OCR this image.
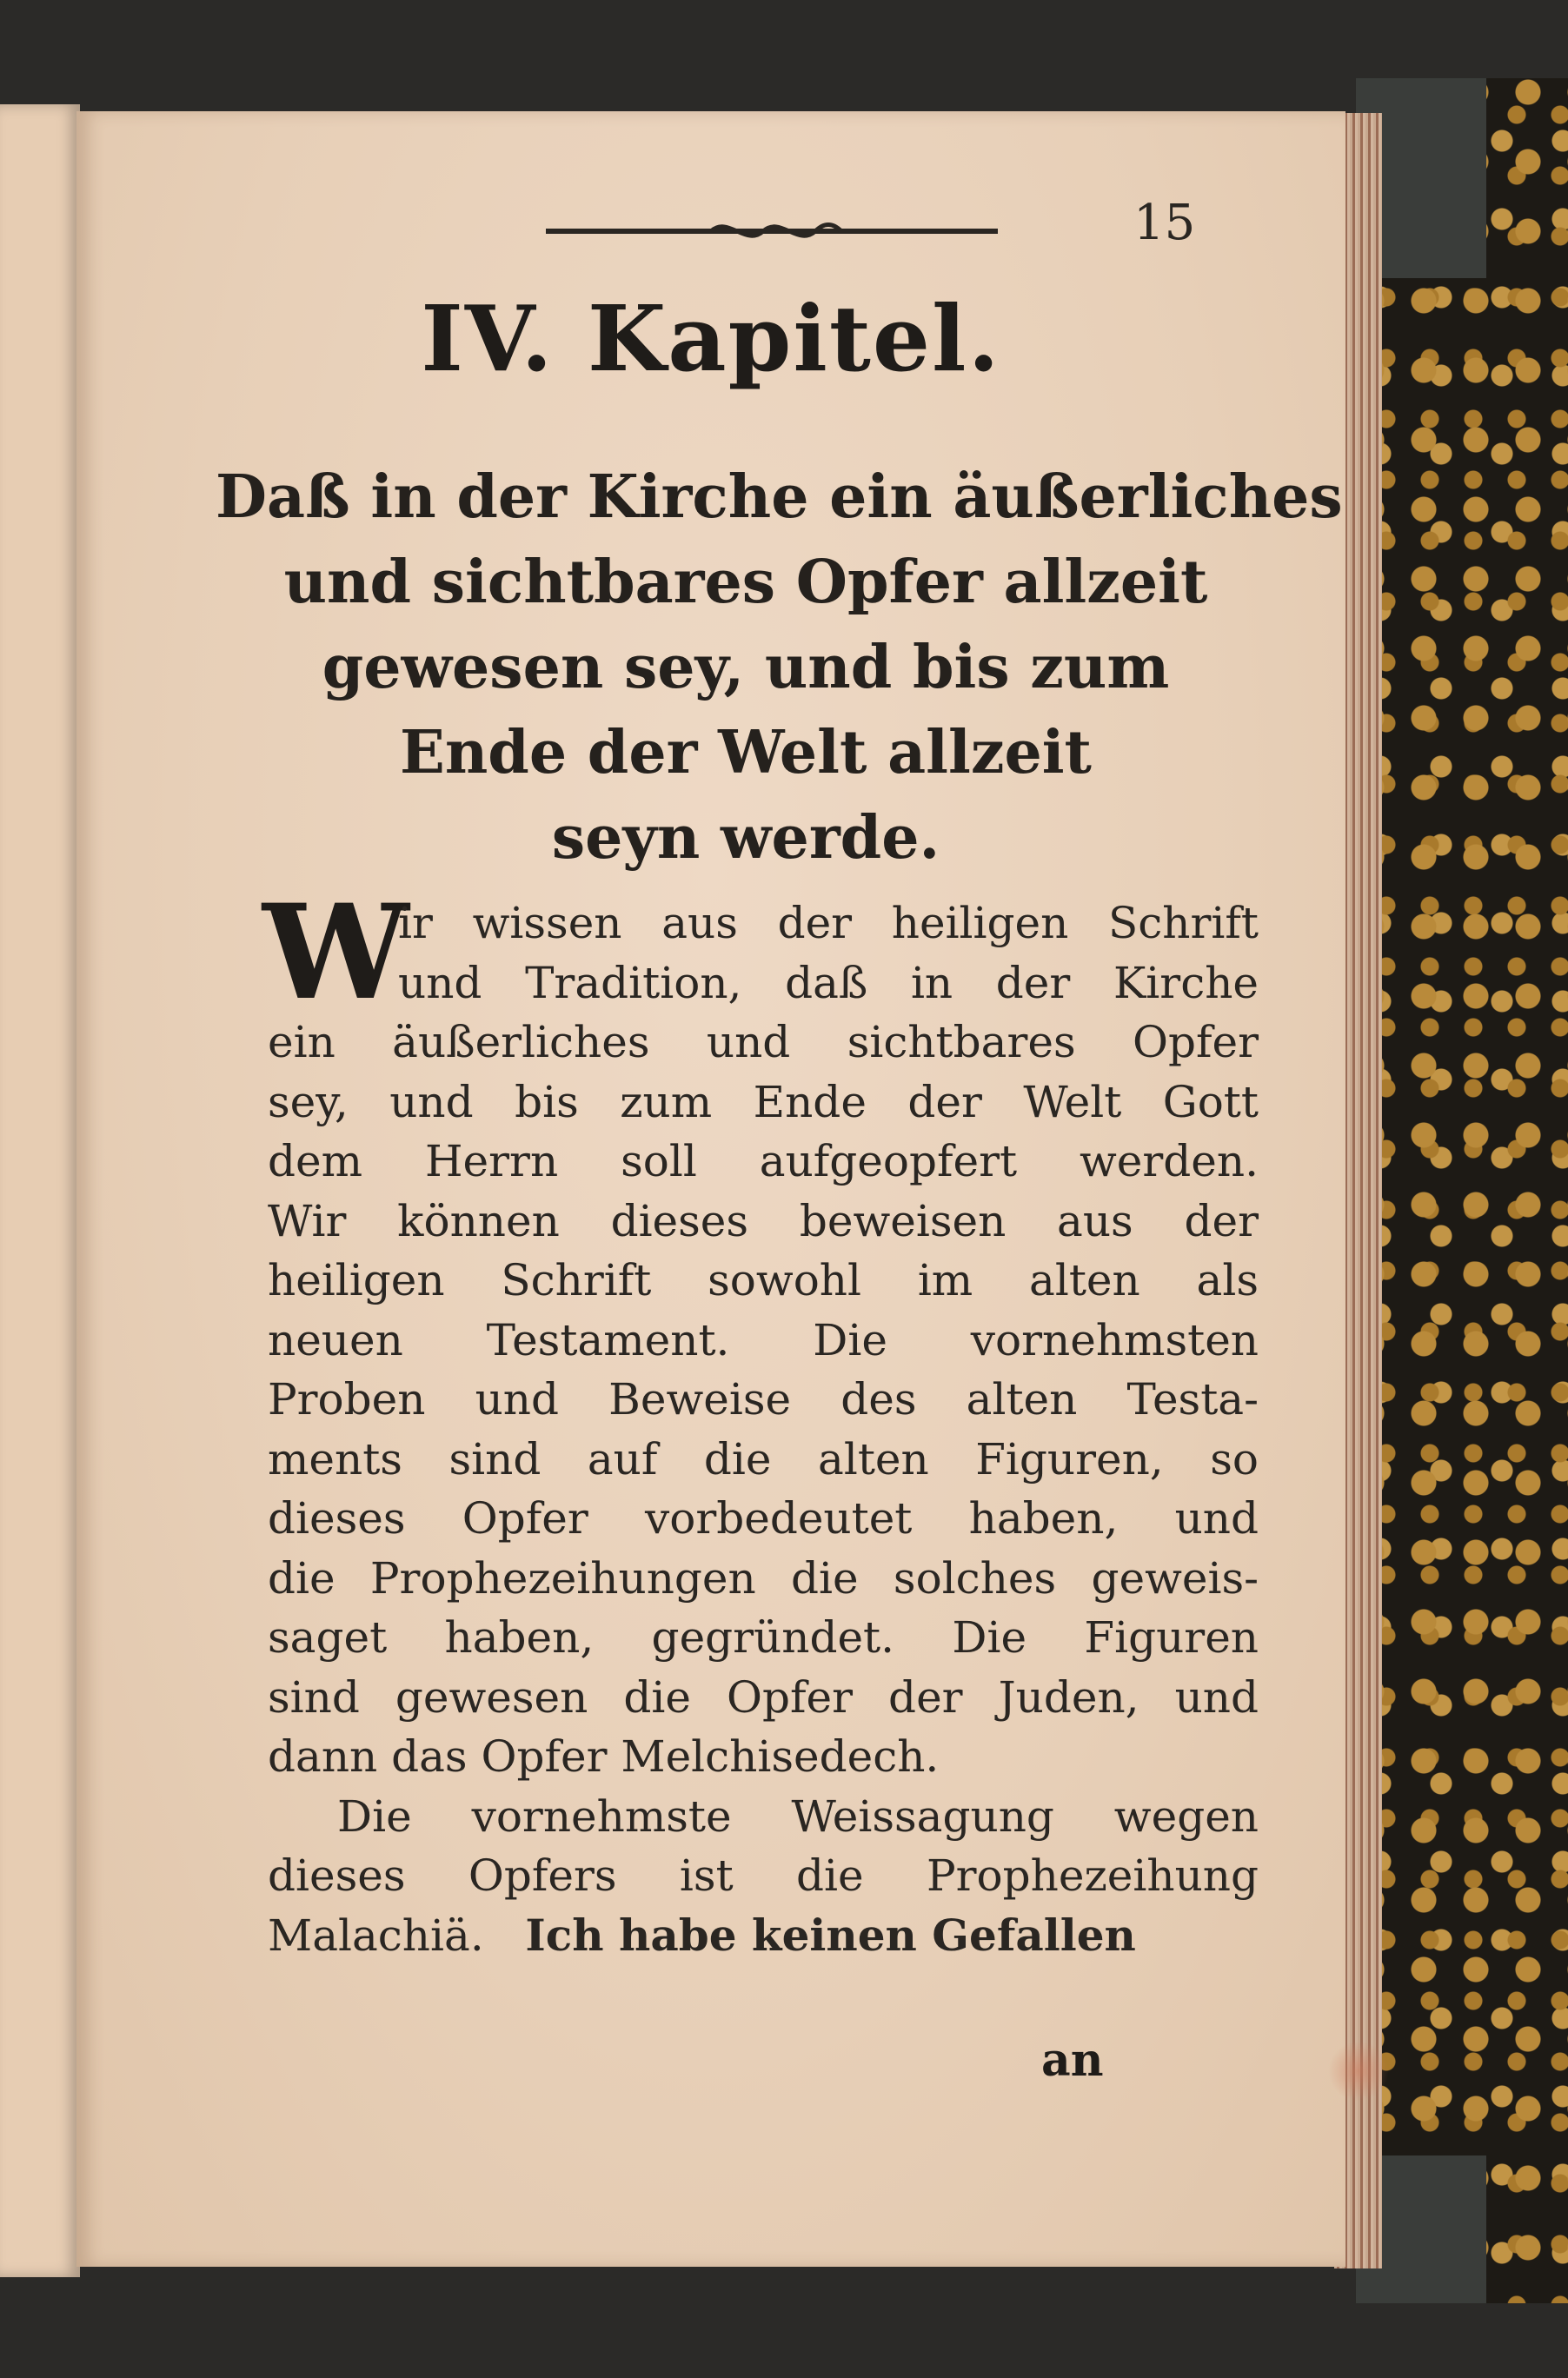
15
IV. Kapitel.
Daß in der Kirche ein äußerliches
und sichtbares Opfer allzeit
gewesen sey, und bis zum
Ende der Welt allzeit
seyn werde.
W
ir wissen aus der heiligen Schrift
und Tradition, daß in der Kirche
ein äußerliches und sichtbares Opfer
sey, und bis zum Ende der Welt Gott
dem Herrn soll aufgeopfert werden.
Wir können dieses beweisen aus der
heiligen Schrift sowohl im alten als
neuen Testament. Die vornehmsten
Proben und Beweise des alten Testa-
ments sind auf die alten Figuren, so
dieses Opfer vorbedeutet haben, und
die Prophezeihungen die solches geweis-
saget haben, gegründet. Die Figuren
sind gewesen die Opfer der Juden, und
dann das Opfer Melchisedech.
Die vornehmste Weissagung wegen
dieses Opfers ist die Prophezeihung
Malachiä. Ich habe keinen Gefallen
an
